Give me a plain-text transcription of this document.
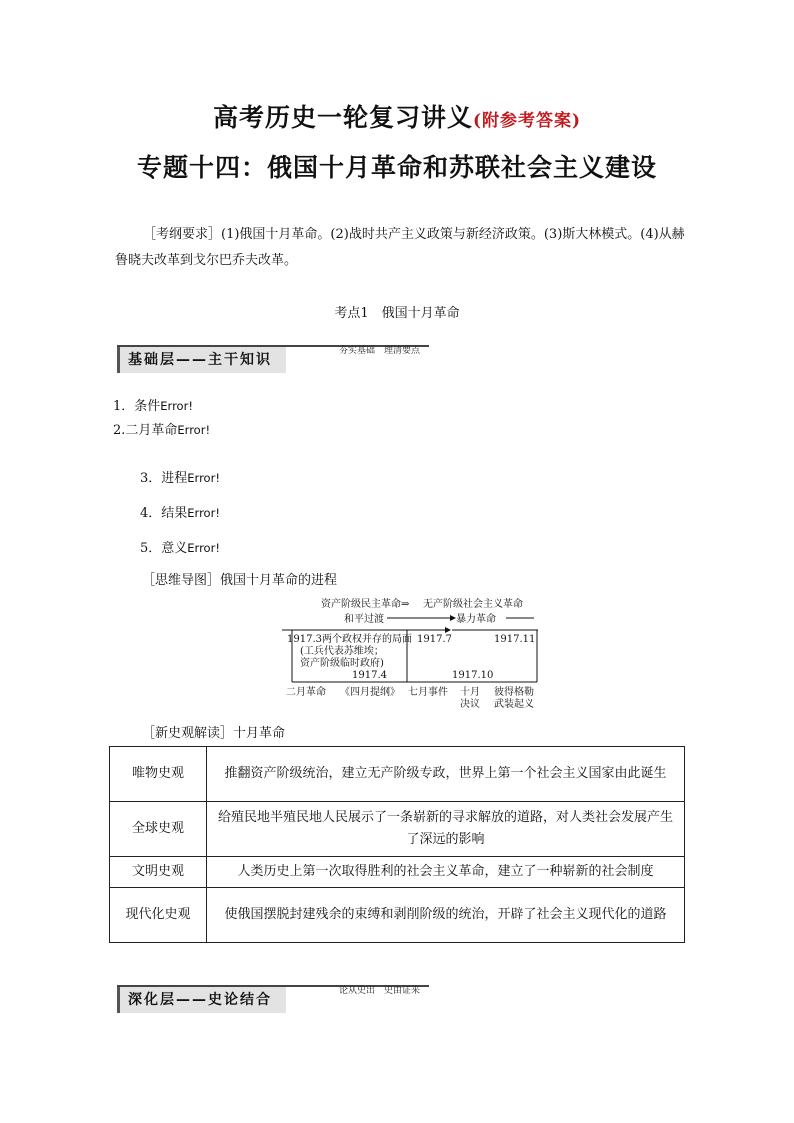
高考历史一轮复习讲义(附参考答案)
专题十四：俄国十月革命和苏联社会主义建设
［考纲要求］(1)俄国十月革命。(2)战时共产主义政策与新经济政策。(3)斯大林模式。(4)从赫鲁晓夫改革到戈尔巴乔夫改革。
考点1　俄国十月革命
基础层——主干知识
夯实基础　理清要点
1．条件Error!
2.二月革命Error!
3．进程Error!
4．结果Error!
5．意义Error!
［思维导图］俄国十月革命的进程
资产阶级民主革命⇒ 无产阶级社会主义革命
和平过渡	暴力革命
1917.3两个政权并存的局面 1917.7	1917.11
(工兵代表苏维埃；
资产阶级临时政府)
1917.4	1917.10
二月革命 《四月提纲》 七月事件 十月
决议
彼得格勒
武装起义
［新史观解读］十月革命
唯物史观	推翻资产阶级统治，建立无产阶级专政，世界上第一个社会主义国家由此诞生
全球史观	给殖民地半殖民地人民展示了一条崭新的寻求解放的道路，对人类社会发展产生了深远的影响
文明史观	人类历史上第一次取得胜利的社会主义革命，建立了一种崭新的社会制度
现代化史观	使俄国摆脱封建残余的束缚和剥削阶级的统治，开辟了社会主义现代化的道路
深化层——史论结合
论从史出　史由证来
